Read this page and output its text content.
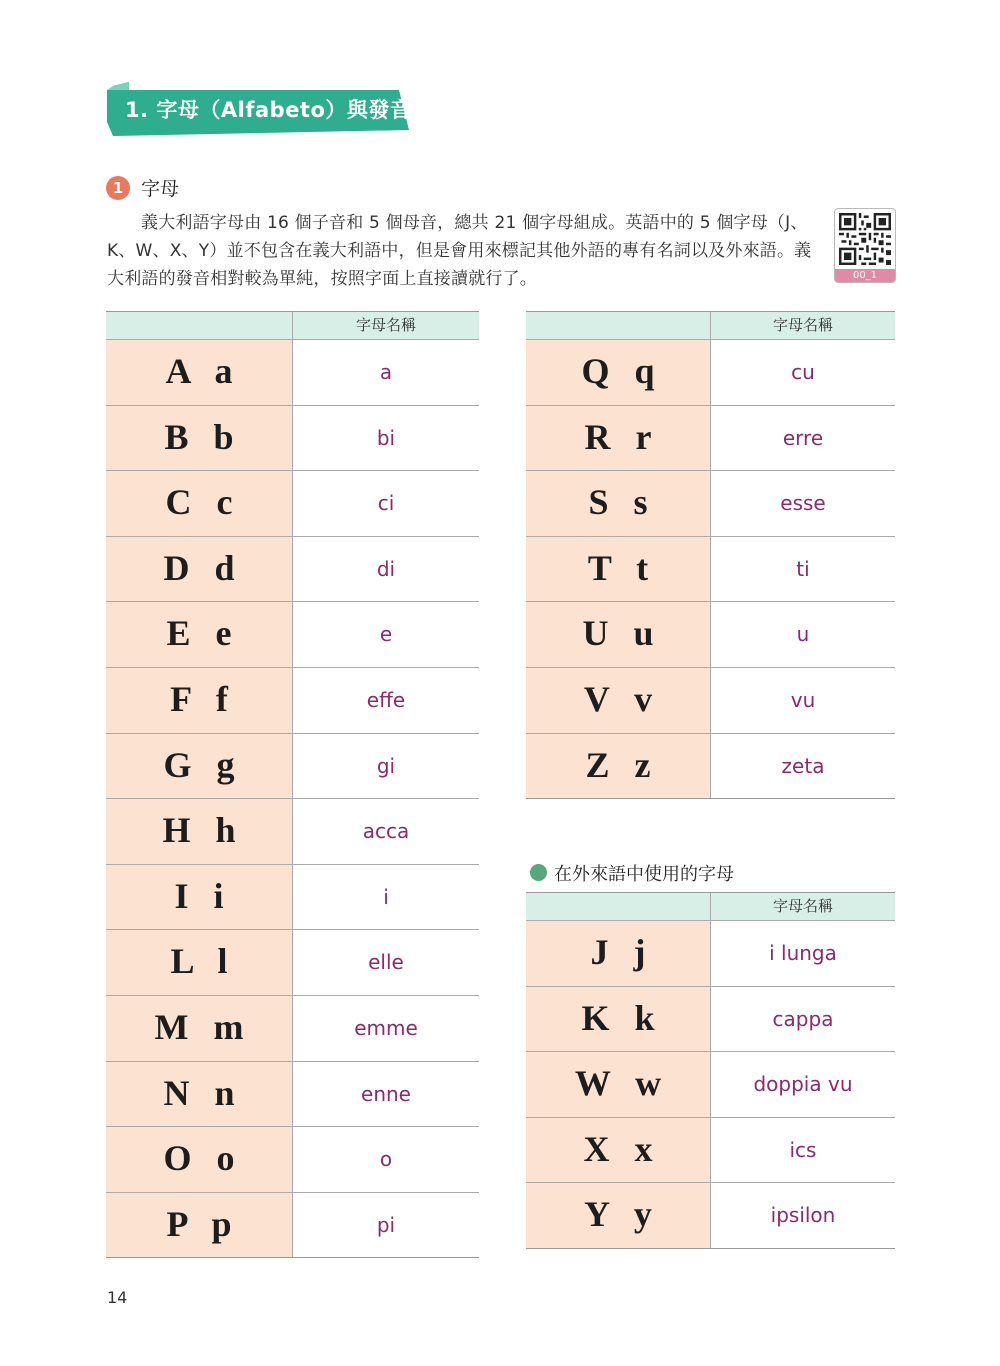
1. 字母（Alfabeto）與發音
1 字母
義大利語字母由 16 個子音和 5 個母音，總共 21 個字母組成。英語中的 5 個字母（J、K、W、X、Y）並不包含在義大利語中，但是會用來標記其他外語的專有名詞以及外來語。義大利語的發音相對較為單純，按照字面上直接讀就行了。	00_1
字母名稱
A a	a
B b	bi
C c	ci
D d	di
E e	e
F f	effe
G g	gi
H h	acca
I i	i
L l	elle
M m	emme
N n	enne
O o	o
P p	pi
字母名稱
Q q	cu
R r	erre
S s	esse
T t	ti
U u	u
V v	vu
Z z	zeta
在外來語中使用的字母
字母名稱
J j	i lunga
K k	cappa
W w	doppia vu
X x	ics
Y y	ipsilon
14
